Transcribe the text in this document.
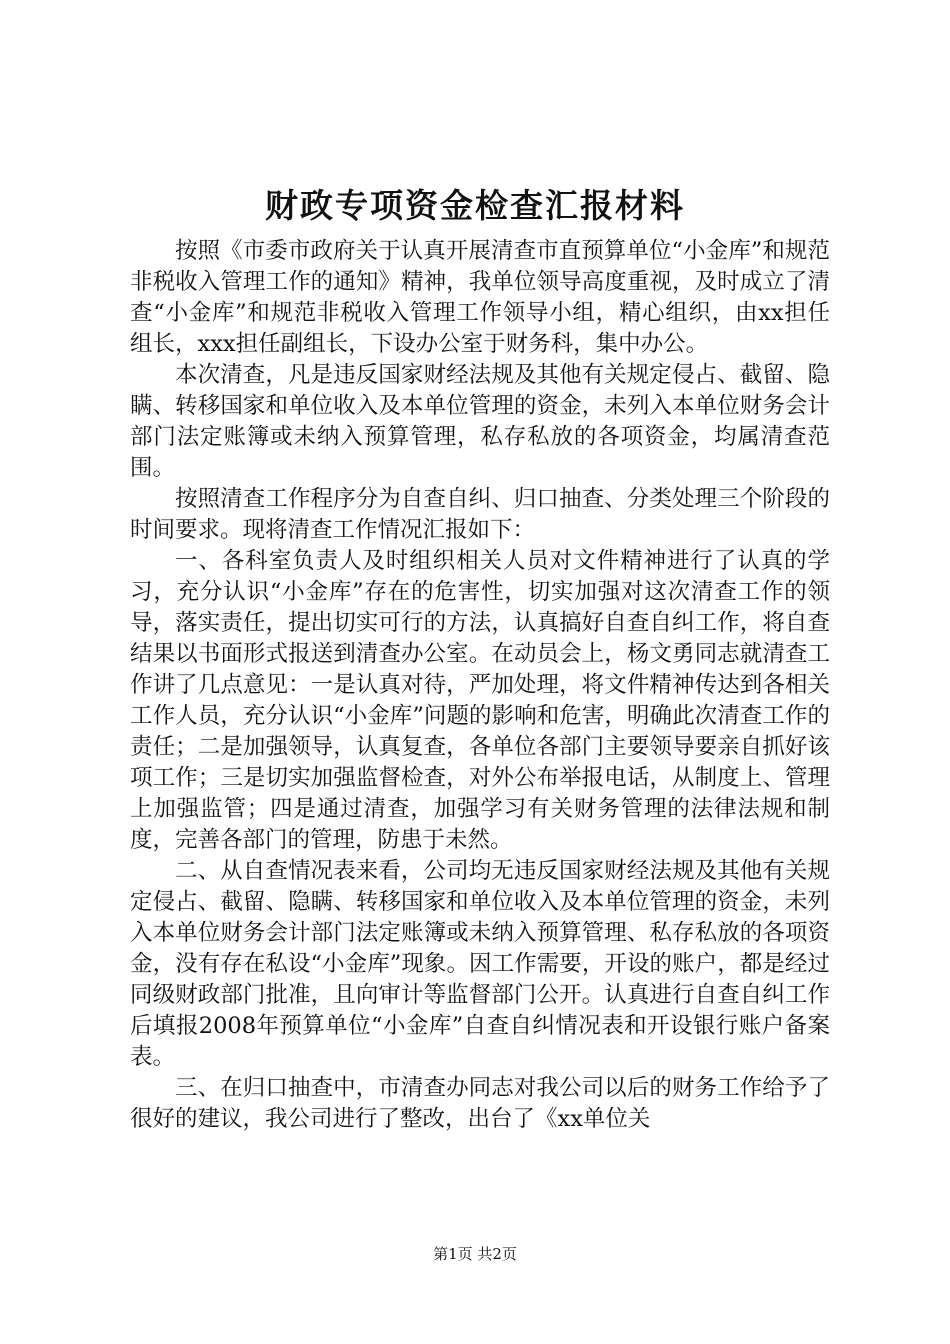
财政专项资金检查汇报材料

按照《市委市政府关于认真开展清查市直预算单位“小金库”和规范非税收入管理工作的通知》精神，我单位领导高度重视，及时成立了清查“小金库”和规范非税收入管理工作领导小组，精心组织，由xx担任组长，xxx担任副组长，下设办公室于财务科，集中办公。

本次清查，凡是违反国家财经法规及其他有关规定侵占、截留、隐瞒、转移国家和单位收入及本单位管理的资金，未列入本单位财务会计部门法定账簿或未纳入预算管理，私存私放的各项资金，均属清查范围。

按照清查工作程序分为自查自纠、归口抽查、分类处理三个阶段的时间要求。现将清查工作情况汇报如下：

一、各科室负责人及时组织相关人员对文件精神进行了认真的学习，充分认识“小金库”存在的危害性，切实加强对这次清查工作的领导，落实责任，提出切实可行的方法，认真搞好自查自纠工作，将自查结果以书面形式报送到清查办公室。在动员会上，杨文勇同志就清查工作讲了几点意见：一是认真对待，严加处理，将文件精神传达到各相关工作人员，充分认识“小金库”问题的影响和危害，明确此次清查工作的责任；二是加强领导，认真复查，各单位各部门主要领导要亲自抓好该项工作；三是切实加强监督检查，对外公布举报电话，从制度上、管理上加强监管；四是通过清查，加强学习有关财务管理的法律法规和制度，完善各部门的管理，防患于未然。

二、从自查情况表来看，公司均无违反国家财经法规及其他有关规定侵占、截留、隐瞒、转移国家和单位收入及本单位管理的资金，未列入本单位财务会计部门法定账簿或未纳入预算管理、私存私放的各项资金，没有存在私设“小金库”现象。因工作需要，开设的账户，都是经过同级财政部门批准，且向审计等监督部门公开。认真进行自查自纠工作后填报2008年预算单位“小金库”自查自纠情况表和开设银行账户备案表。

三、在归口抽查中，市清查办同志对我公司以后的财务工作给予了很好的建议，我公司进行了整改，出台了《xx单位关

第1页 共2页
